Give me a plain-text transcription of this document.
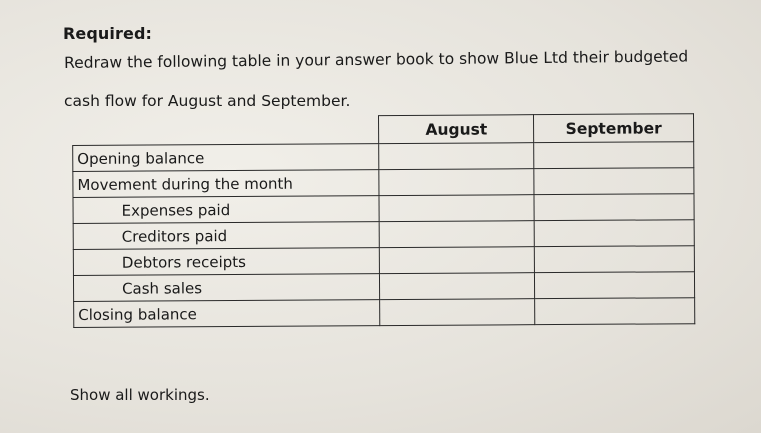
Required:
Redraw the following table in your answer book to show Blue Ltd their budgeted
cash flow for August and September.
	August	September
Opening balance		
Movement during the month		
Expenses paid		
Creditors paid		
Debtors receipts		
Cash sales		
Closing balance		
Show all workings.
